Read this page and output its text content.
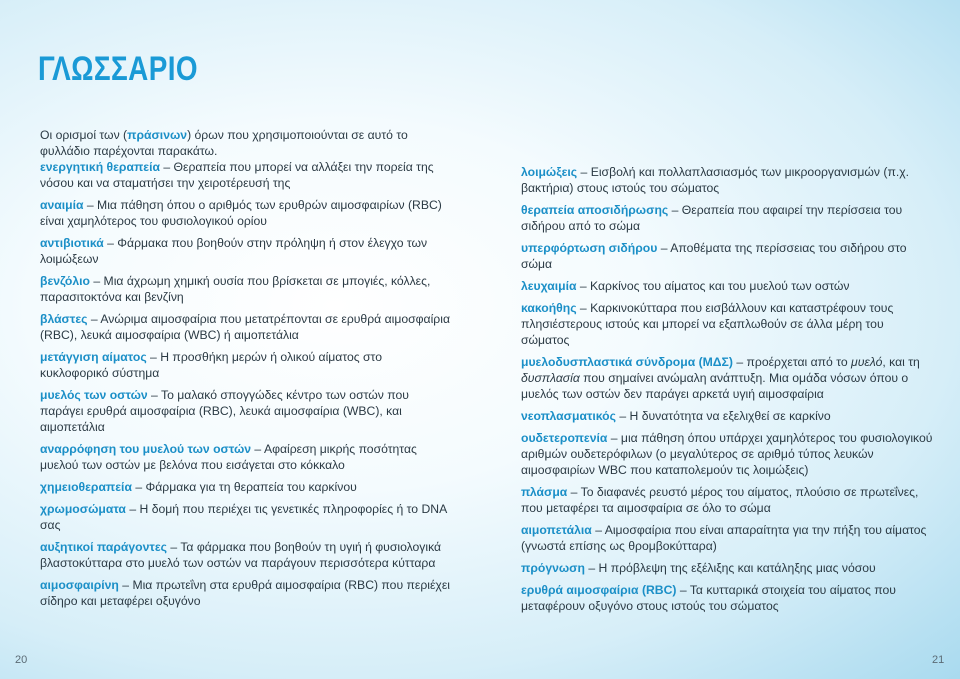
ΓΛΩΣΣΑΡΙΟ

Οι ορισμοί των (πράσινων) όρων που χρησιμοποιούνται σε αυτό το φυλλάδιο παρέχονται παρακάτω.

ενεργητική θεραπεία – Θεραπεία που μπορεί να αλλάξει την πορεία της νόσου και να σταματήσει την χειροτέρευσή της

αναιμία – Μια πάθηση όπου ο αριθμός των ερυθρών αιμοσφαιρίων (RBC) είναι χαμηλότερος του φυσιολογικού ορίου

αντιβιοτικά – Φάρμακα που βοηθούν στην πρόληψη ή στον έλεγχο των λοιμώξεων

βενζόλιο – Μια άχρωμη χημική ουσία που βρίσκεται σε μπογιές, κόλλες, παρασιτοκτόνα και βενζίνη

βλάστες – Ανώριμα αιμοσφαίρια που μετατρέπονται σε ερυθρά αιμοσφαίρια (RBC), λευκά αιμοσφαίρια (WBC) ή αιμοπετάλια

μετάγγιση αίματος – Η προσθήκη μερών ή ολικού αίματος στο κυκλοφορικό σύστημα

μυελός των οστών – Το μαλακό σπογγώδες κέντρο των οστών που παράγει ερυθρά αιμοσφαίρια (RBC), λευκά αιμοσφαίρια (WBC), και αιμοπετάλια

αναρρόφηση του μυελού των οστών – Αφαίρεση μικρής ποσότητας μυελού των οστών με βελόνα που εισάγεται στο κόκκαλο

χημειοθεραπεία – Φάρμακα για τη θεραπεία του καρκίνου

χρωμοσώματα – Η δομή που περιέχει τις γενετικές πληροφορίες ή το DNA σας

αυξητικοί παράγοντες – Τα φάρμακα που βοηθούν τη υγιή ή φυσιολογικά βλαστοκύτταρα στο μυελό των οστών να παράγουν περισσότερα κύτταρα

αιμοσφαιρίνη – Μια πρωτεΐνη στα ερυθρά αιμοσφαίρια (RBC) που περιέχει σίδηρο και μεταφέρει οξυγόνο

λοιμώξεις – Εισβολή και πολλαπλασιασμός των μικροοργανισμών (π.χ. βακτήρια) στους ιστούς του σώματος

θεραπεία αποσιδήρωσης – Θεραπεία που αφαιρεί την περίσσεια του σιδήρου από το σώμα

υπερφόρτωση σιδήρου – Αποθέματα της περίσσειας του σιδήρου στο σώμα

λευχαιμία – Καρκίνος του αίματος και του μυελού των οστών

κακοήθης – Καρκινοκύτταρα που εισβάλλουν και καταστρέφουν τους πλησιέστερους ιστούς και μπορεί να εξαπλωθούν σε άλλα μέρη του σώματος

μυελοδυσπλαστικά σύνδρομα (ΜΔΣ) – προέρχεται από το μυελό, και τη δυσπλασία που σημαίνει ανώμαλη ανάπτυξη. Μια ομάδα νόσων όπου ο μυελός των οστών δεν παράγει αρκετά υγιή αιμοσφαίρια

νεοπλασματικός – Η δυνατότητα να εξελιχθεί σε καρκίνο

ουδετεροπενία – μια πάθηση όπου υπάρχει χαμηλότερος του φυσιολογικού αριθμών ουδετερόφιλων (ο μεγαλύτερος σε αριθμό τύπος λευκών αιμοσφαιρίων WBC που καταπολεμούν τις λοιμώξεις)

πλάσμα – Το διαφανές ρευστό μέρος του αίματος, πλούσιο σε πρωτεΐνες, που μεταφέρει τα αιμοσφαίρια σε όλο το σώμα

αιμοπετάλια – Αιμοσφαίρια που είναι απαραίτητα για την πήξη του αίματος (γνωστά επίσης ως θρομβοκύτταρα)

πρόγνωση – Η πρόβλεψη της εξέλιξης και κατάληξης μιας νόσου

ερυθρά αιμοσφαίρια (RBC) – Τα κυτταρικά στοιχεία του αίματος που μεταφέρουν οξυγόνο στους ιστούς του σώματος

20	21
